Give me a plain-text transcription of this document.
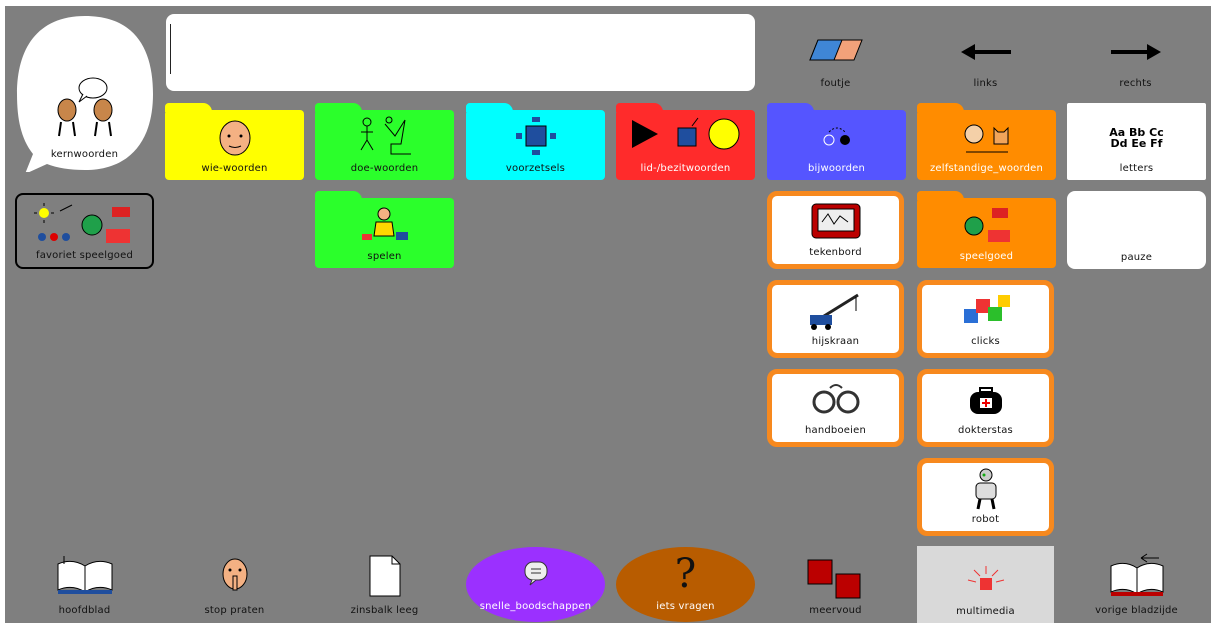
kernwoorden
foutje	links	rechts
wie-woorden	doe-woorden	voorzetsels	lid-/bezitwoorden	bijwoorden	zelfstandige_woorden
Aa Bb Cc
Dd Ee Ff
letters
favoriet speelgoed	spelen	tekenbord	speelgoed	pauze
hijskraan	clicks
handboeien	dokterstas
robot
hoofdblad	stop praten	zinsbalk leeg	snelle_boodschappen
?
iets vragen	meervoud	multimedia	vorige bladzijde
